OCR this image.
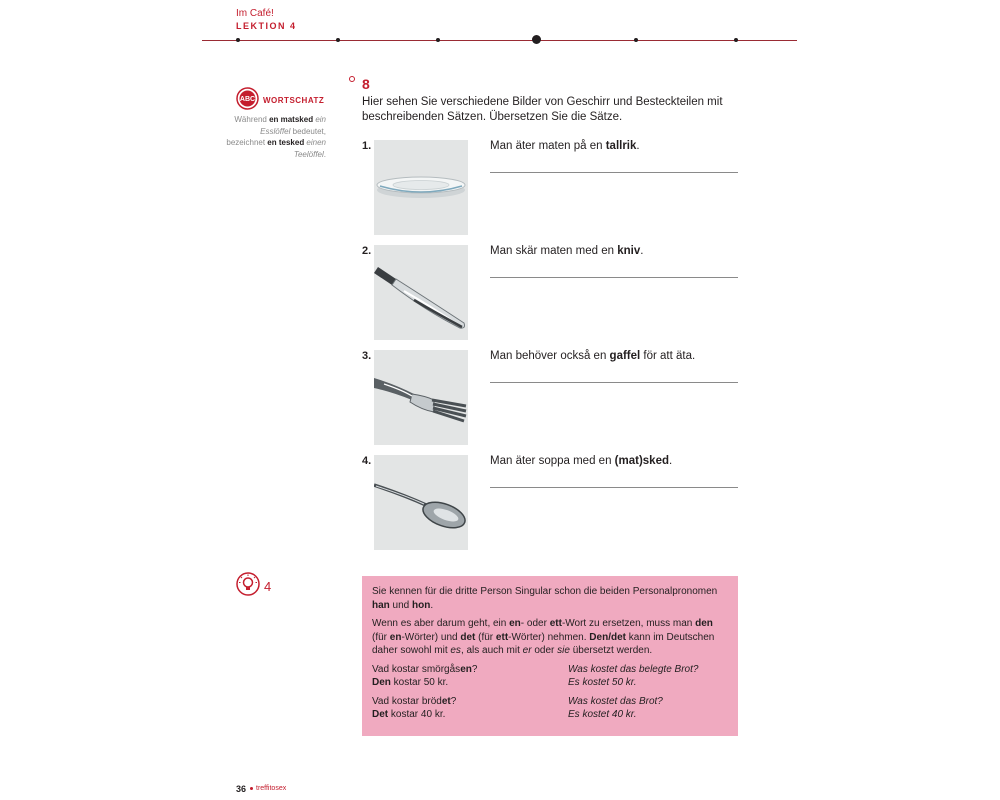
Im Café!
LEKTION 4
ABC WORTSCHATZ
Während en matsked ein Esslöffel bedeutet, bezeichnet en tesked einen Teelöffel.
8
Hier sehen Sie verschiedene Bilder von Geschirr und Besteckteilen mit beschreibenden Sätzen. Übersetzen Sie die Sätze.
1.	Man äter maten på en tallrik.
2.	Man skär maten med en kniv.
3.	Man behöver också en gaffel för att äta.
4.	Man äter soppa med en (mat)sked.
4	Sie kennen für die dritte Person Singular schon die beiden Personalpronomen han und hon.

Wenn es aber darum geht, ein en- oder ett-Wort zu ersetzen, muss man den (für en-Wörter) und det (für ett-Wörter) nehmen. Den/det kann im Deutschen daher sowohl mit es, als auch mit er oder sie übersetzt werden.

Vad kostar smörgåsen?
Den kostar 50 kr.
Was kostet das belegte Brot?
Es kostet 50 kr.
Vad kostar brödet?
Det kostar 40 kr.
Was kostet das Brot?
Es kostet 40 kr.
36 treffitosex
